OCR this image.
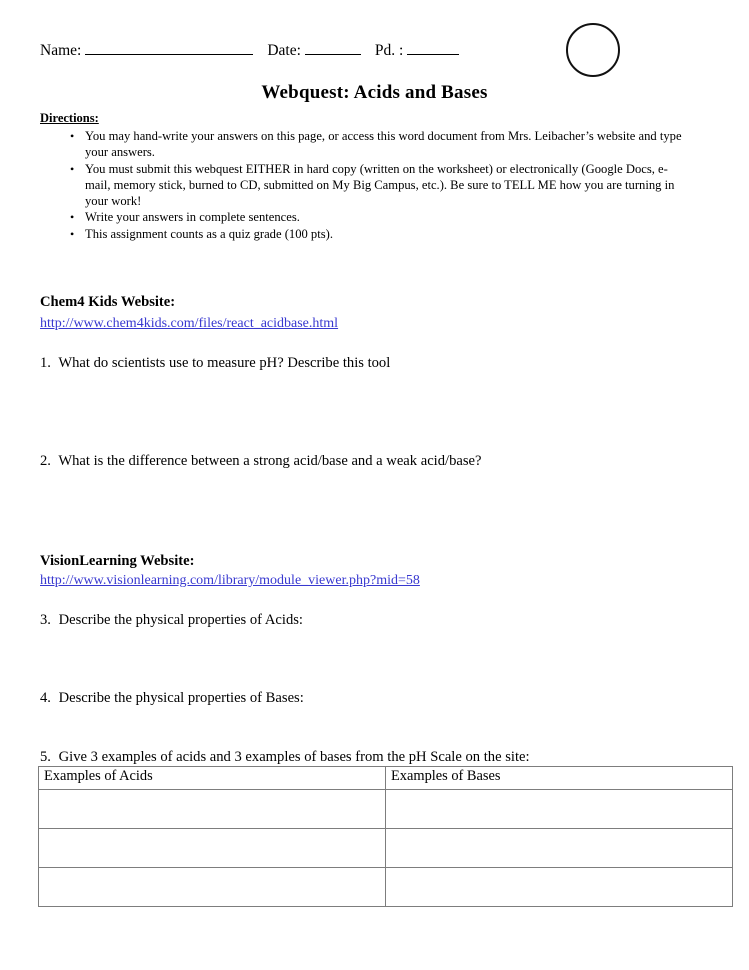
Name:	Date:	Pd. :
Webquest: Acids and Bases
Directions:
• You may hand-write your answers on this page, or access this word document from Mrs. Leibacher’s website and type your answers.
• You must submit this webquest EITHER in hard copy (written on the worksheet) or electronically (Google Docs, e-mail, memory stick, burned to CD, submitted on My Big Campus, etc.). Be sure to TELL ME how you are turning in your work!
• Write your answers in complete sentences.
• This assignment counts as a quiz grade (100 pts).
Chem4 Kids Website:
http://www.chem4kids.com/files/react_acidbase.html
1. What do scientists use to measure pH? Describe this tool
2. What is the difference between a strong acid/base and a weak acid/base?
VisionLearning Website:
http://www.visionlearning.com/library/module_viewer.php?mid=58
3. Describe the physical properties of Acids:
4. Describe the physical properties of Bases:
5. Give 3 examples of acids and 3 examples of bases from the pH Scale on the site:
Examples of Acids	Examples of Bases
